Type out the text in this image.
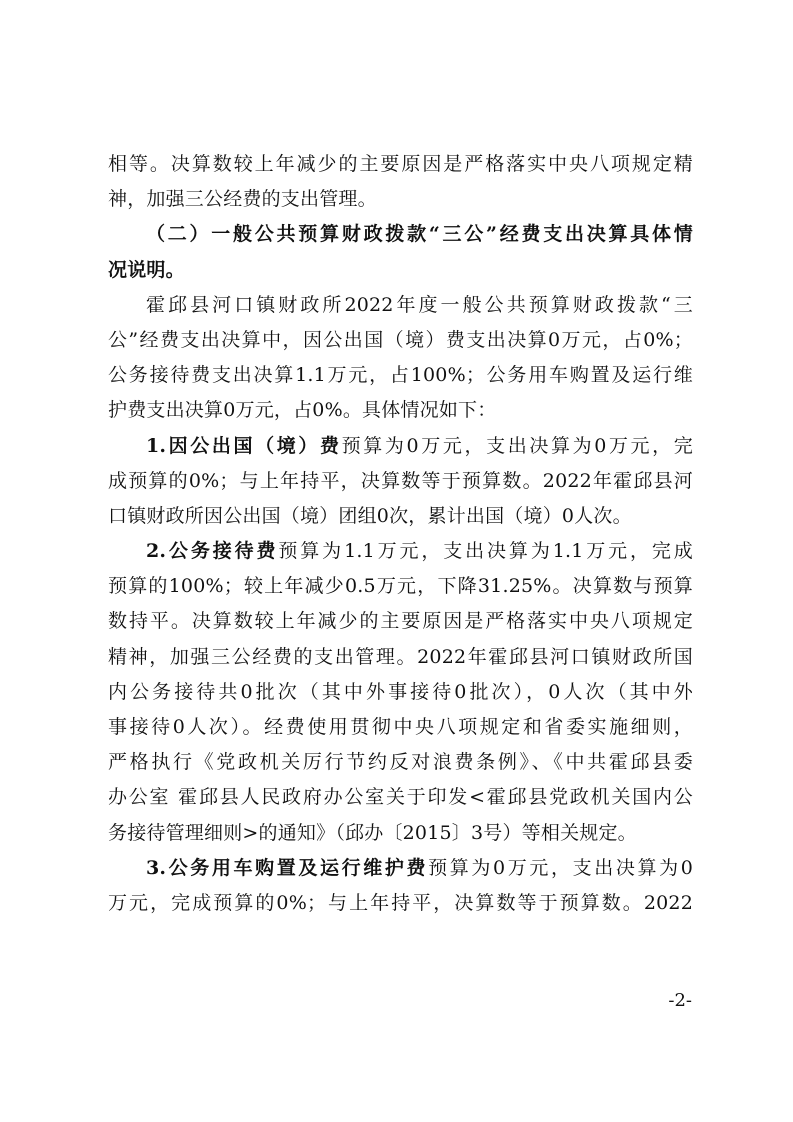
相等。决算数较上年减少的主要原因是严格落实中央八项规定精
神，加强三公经费的支出管理。
（二）一般公共预算财政拨款“三公”经费支出决算具体情
况说明。
霍邱县河口镇财政所2022年度一般公共预算财政拨款“三
公”经费支出决算中，因公出国（境）费支出决算0万元，占0%；
公务接待费支出决算1.1万元，占100%；公务用车购置及运行维
护费支出决算0万元，占0%。具体情况如下：
1.因公出国（境）费预算为0万元，支出决算为0万元，完
成预算的0%；与上年持平，决算数等于预算数。2022年霍邱县河
口镇财政所因公出国（境）团组0次，累计出国（境）0人次。
2.公务接待费预算为1.1万元，支出决算为1.1万元，完成
预算的100%；较上年减少0.5万元，下降31.25%。决算数与预算
数持平。决算数较上年减少的主要原因是严格落实中央八项规定
精神，加强三公经费的支出管理。2022年霍邱县河口镇财政所国
内公务接待共0批次（其中外事接待0批次），0人次（其中外
事接待0人次）。经费使用贯彻中央八项规定和省委实施细则，
严格执行《党政机关厉行节约反对浪费条例》、《中共霍邱县委
办公室 霍邱县人民政府办公室关于印发<霍邱县党政机关国内公
务接待管理细则>的通知》（邱办〔2015〕3号）等相关规定。
3.公务用车购置及运行维护费预算为0万元，支出决算为0
万元，完成预算的0%；与上年持平，决算数等于预算数。2022
-2-
